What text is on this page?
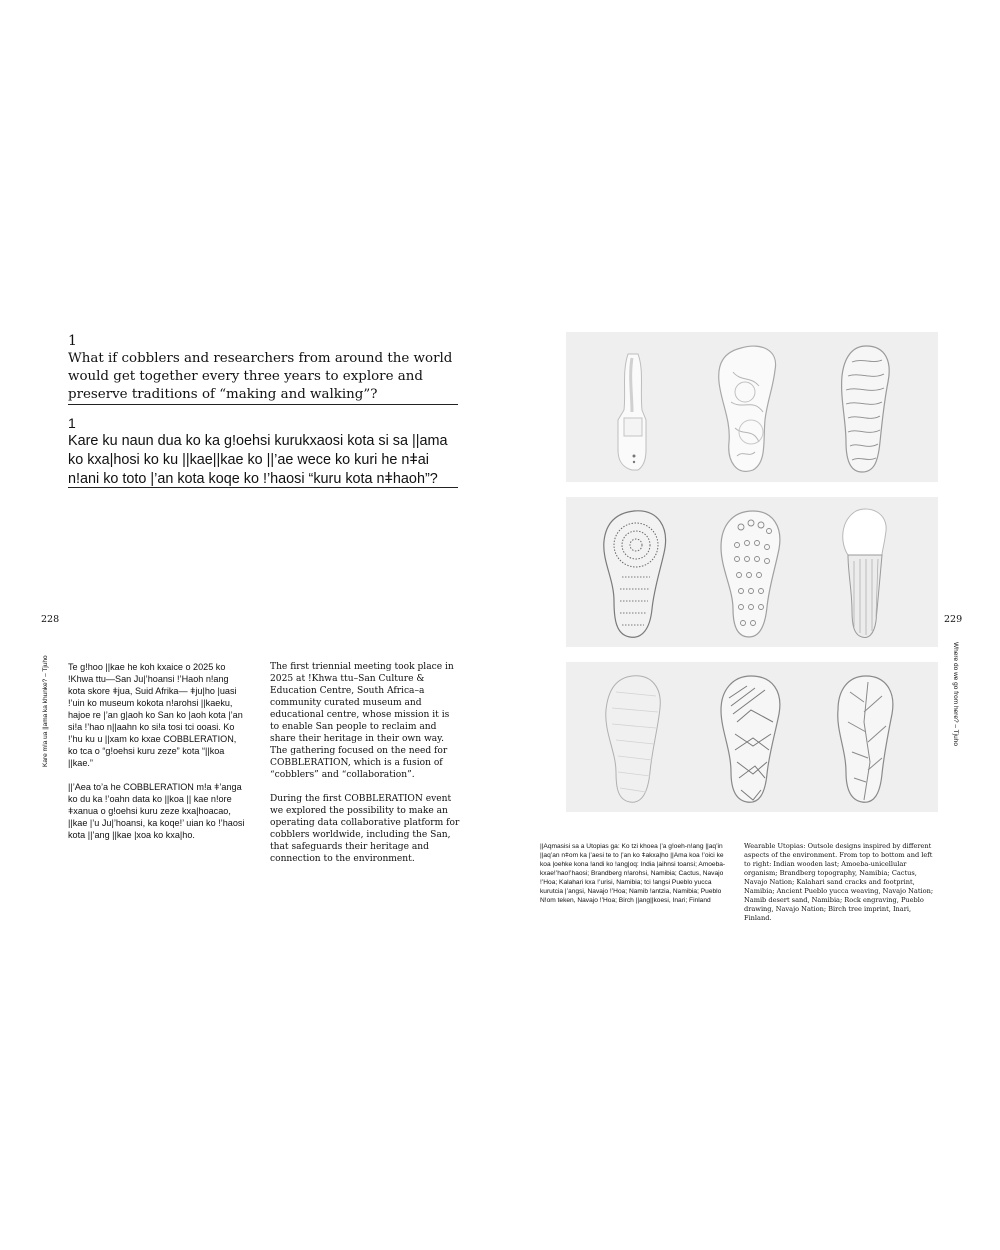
1
What if cobblers and researchers from around the world would get together every three years to explore and preserve traditions of “making and walking”?
1
Kare ku naun dua ko ka g!oehsi kurukxaosi kota si sa ||ama ko kxa|hosi ko ku ||kae||kae ko ||’ae wece ko kuri he nǂai n!ani ko toto |’an kota koqe ko !’haosi “kuru kota nǂhaoh”?
228
Kare m!a ua ||ama ka khunke? – Tjuho Te g!hoo ||kae he koh kxaice o 2025 ko !Khwa ttu—San Ju|’hoansi !’Haoh n!ang kota skore ǂjua, Suid Afrika— ǂju|ho |uasi !’uin ko museum kokota n!arohsi ||kaeku, hajoe re |’an g|aoh ko San ko |aoh kota |’an si!a !’hao n||aahn ko si!a tosi tci ooasi. Ko !’hu ku u ||xam ko kxae COBBLERATION, ko tca o “g!oehsi kuru zeze” kota “||koa ||kae.”

||’Aea to’a he COBBLERATION m!a ǂ’anga ko du ka !’oahn data ko ||koa || kae n!ore ǂxanua o g!oehsi kuru zeze kxa|hoacao, ||kae |’u Ju|’hoansi, ka koqe!’ uian ko !’haosi kota ||’ang ||kae |xoa ko kxa|ho.

The first triennial meeting took place in 2025 at !Khwa ttu–San Culture & Education Centre, South Africa–a community curated museum and educational centre, whose mission it is to enable San people to reclaim and share their heritage in their own way. The gathering focused on the need for COBBLERATION, which is a fusion of “cobblers” and “collaboration”.

During the first COBBLERATION event we explored the possibility to make an operating data collaborative platform for cobblers worldwide, including the San, that safeguards their heritage and connection to the environment.

229
Where do we go from here? – Tjuho
||Aqmasisi sa a Utopias ga: Ko tzi khoea |’a g!oeh-n!ang ||aq’in ||aq’an nǂom ka |’aesi te to |’an ko ǂakxa|ho ||Ama koa !’oici ke koa |oehke kona !andi ko !ang|oq: India |aihnsi toansi; Amoeba- kxae!’hao!’haosi; Brandberg n!arohsi, Namibia; Cactus, Navajo !’Hoa; Kalahari kxa !’urisi, Namibia; tci !angsi Pueblo yucca kurutcia |’angsi, Navajo !’Hoa; Namib !antzia, Namibia; Pueblo N!om teken, Navajo !’Hoa; Birch ||ang||koesi, Inari; Finland
Wearable Utopias: Outsole designs inspired by different aspects of the environment. From top to bottom and left to right: Indian wooden last; Amoeba-unicellular organism; Brandberg topography, Namibia; Cactus, Navajo Nation; Kalahari sand cracks and footprint, Namibia; Ancient Pueblo yucca weaving, Navajo Nation; Namib desert sand, Namibia; Rock engraving, Pueblo drawing, Navajo Nation; Birch tree imprint, Inari, Finland.
